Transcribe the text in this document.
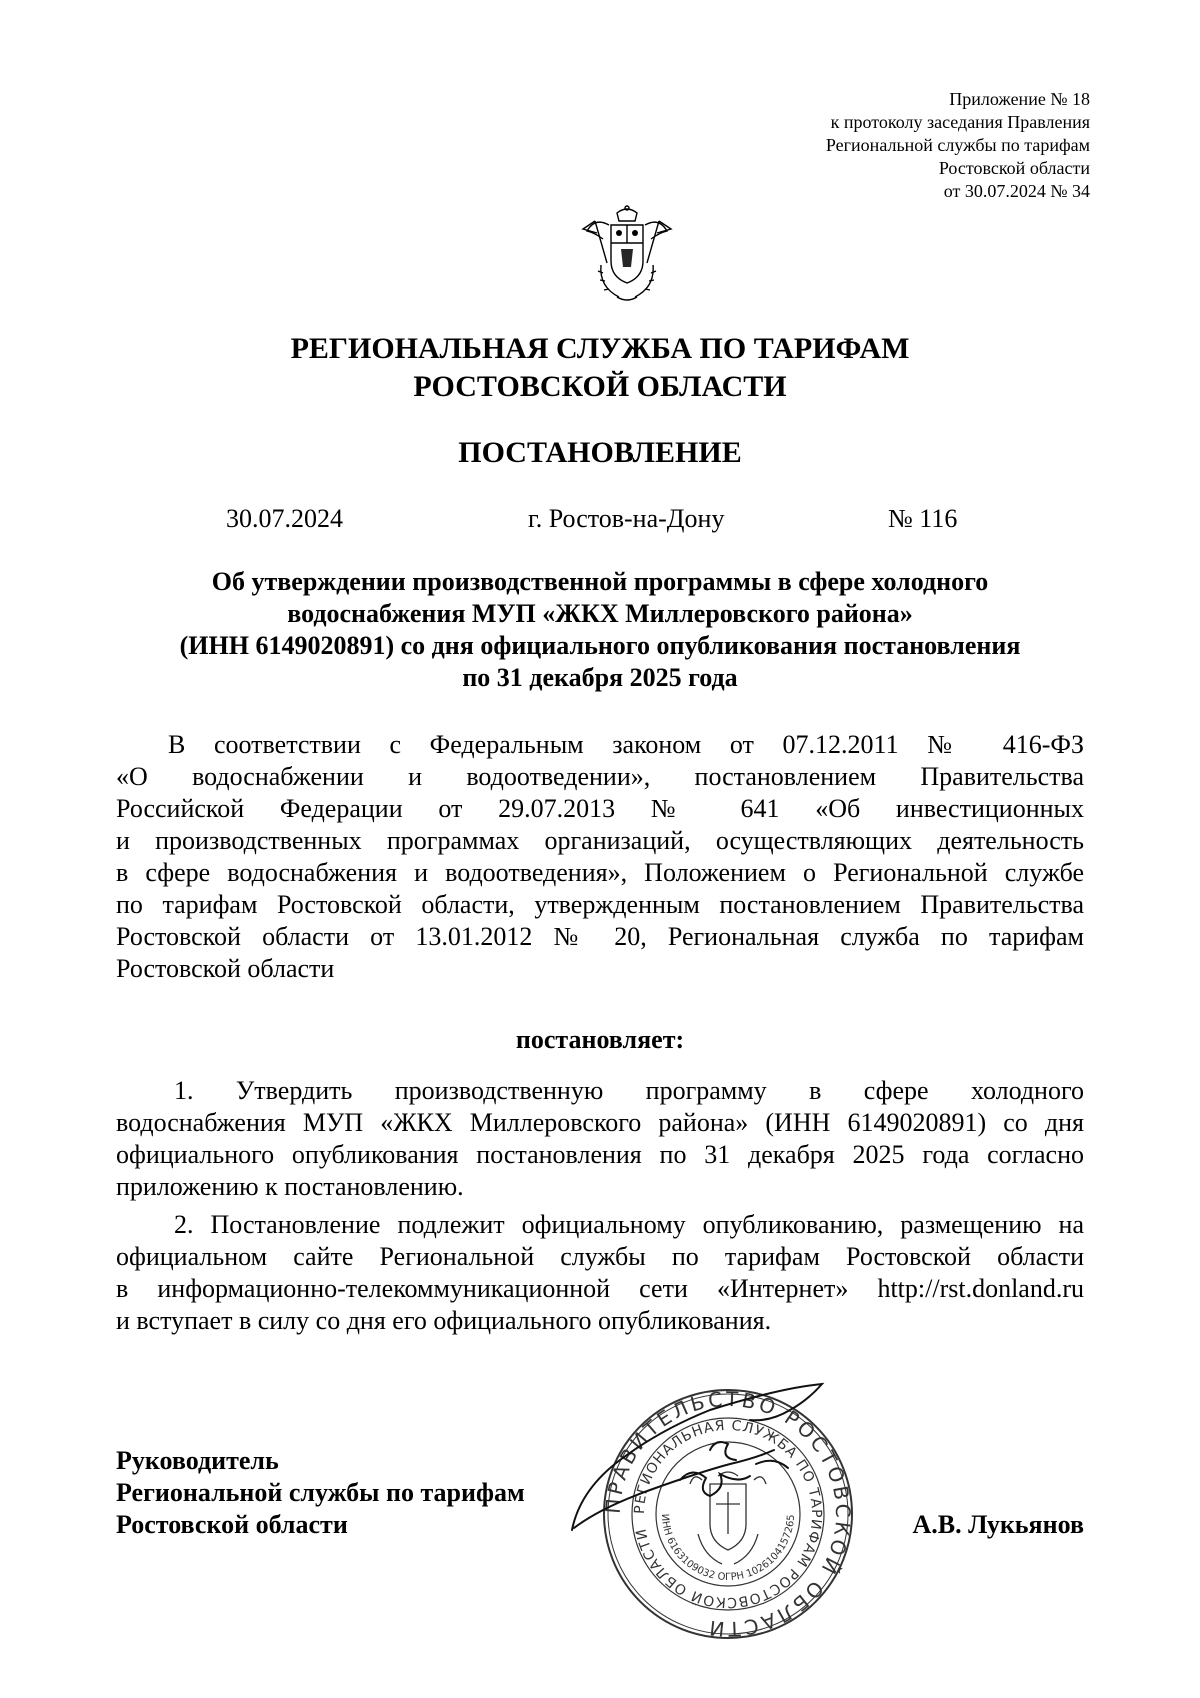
Приложение № 18
к протоколу заседания Правления
Региональной службы по тарифам
Ростовской области
от 30.07.2024 № 34
РЕГИОНАЛЬНАЯ СЛУЖБА ПО ТАРИФАМ
РОСТОВСКОЙ ОБЛАСТИ
ПОСТАНОВЛЕНИЕ
30.07.2024	г. Ростов-на-Дону	№ 116
Об утверждении производственной программы в сфере холодного
водоснабжения МУП «ЖКХ Миллеровского района»
(ИНН 6149020891) со дня официального опубликования постановления
по 31 декабря 2025 года
В соответствии с Федеральным законом от 07.12.2011 № 416-ФЗ
«О водоснабжении и водоотведении», постановлением Правительства
Российской Федерации от 29.07.2013 № 641 «Об инвестиционных
и производственных программах организаций, осуществляющих деятельность
в сфере водоснабжения и водоотведения», Положением о Региональной службе
по тарифам Ростовской области, утвержденным постановлением Правительства
Ростовской области от 13.01.2012 № 20, Региональная служба по тарифам
Ростовской области
постановляет:
1. Утвердить производственную программу в сфере холодного
водоснабжения МУП «ЖКХ Миллеровского района» (ИНН 6149020891) со дня
официального опубликования постановления по 31 декабря 2025 года согласно
приложению к постановлению.
2. Постановление подлежит официальному опубликованию, размещению на
официальном сайте Региональной службы по тарифам Ростовской области
в информационно-телекоммуникационной сети «Интернет» http://rst.donland.ru
и вступает в силу со дня его официального опубликования.
Руководитель
Региональной службы по тарифам
Ростовской области
ПРАВИТЕЛЬСТВО РОСТОВСКОЙ ОБЛАСТИ
РЕГИОНАЛЬНАЯ СЛУЖБА ПО ТАРИФАМ РОСТОВСКОЙ ОБЛАСТИ
ИНН 6163109032 ОГРН 1026104157265	А.В. Лукьянов
